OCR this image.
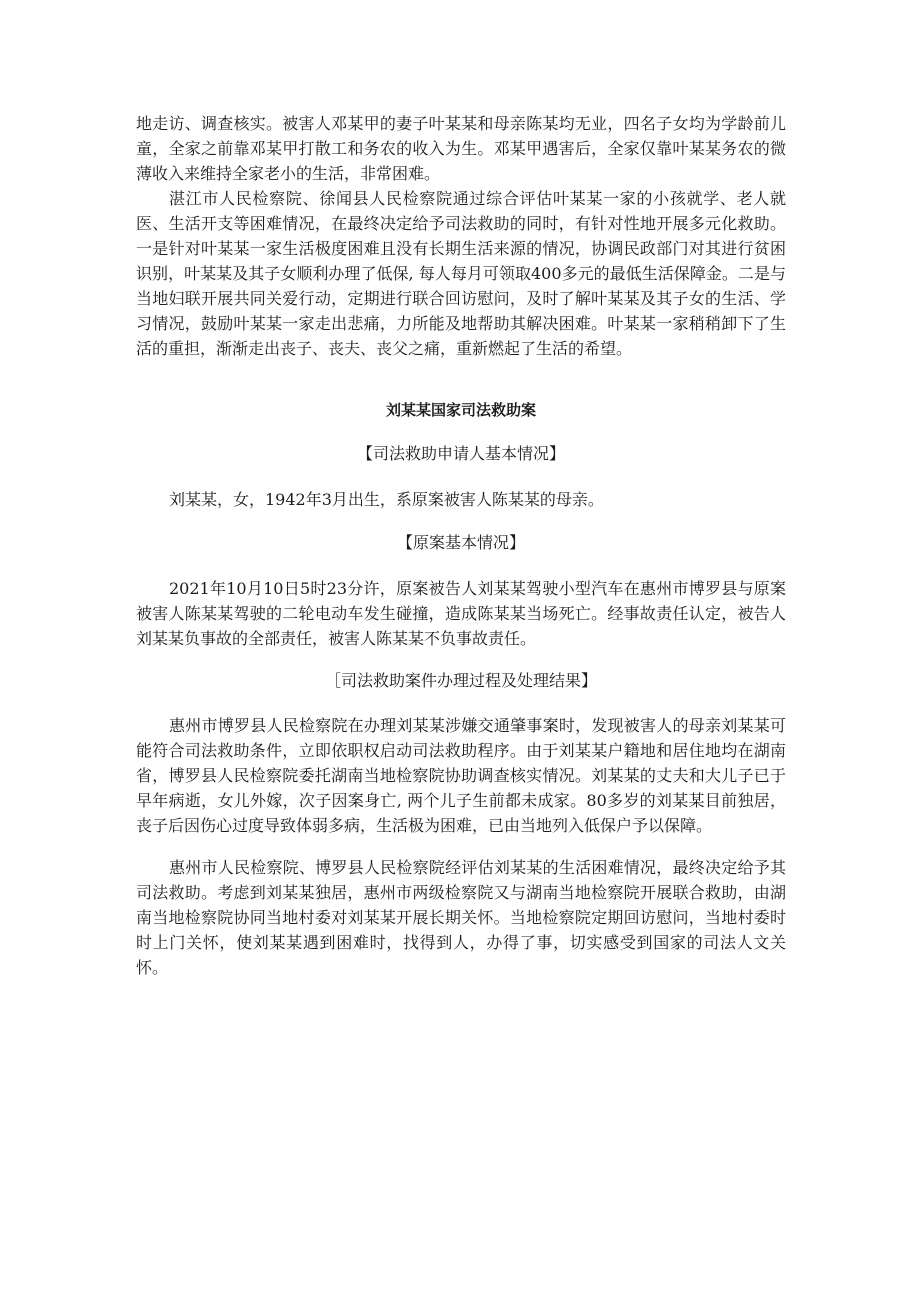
地走访、调查核实。被害人邓某甲的妻子叶某某和母亲陈某均无业，四名子女均为学龄前儿童，全家之前靠邓某甲打散工和务农的收入为生。邓某甲遇害后，全家仅靠叶某某务农的微薄收入来维持全家老小的生活，非常困难。

湛江市人民检察院、徐闻县人民检察院通过综合评估叶某某一家的小孩就学、老人就医、生活开支等困难情况，在最终决定给予司法救助的同时，有针对性地开展多元化救助。一是针对叶某某一家生活极度困难且没有长期生活来源的情况，协调民政部门对其进行贫困识别，叶某某及其子女顺利办理了低保, 每人每月可领取400多元的最低生活保障金。二是与当地妇联开展共同关爱行动，定期进行联合回访慰问，及时了解叶某某及其子女的生活、学习情况，鼓励叶某某一家走出悲痛，力所能及地帮助其解决困难。叶某某一家稍稍卸下了生活的重担，渐渐走出丧子、丧夫、丧父之痛，重新燃起了生活的希望。

刘某某国家司法救助案

【司法救助申请人基本情况】

刘某某，女，1942年3月出生，系原案被害人陈某某的母亲。

【原案基本情况】

2021年10月10日5时23分许，原案被告人刘某某驾驶小型汽车在惠州市博罗县与原案被害人陈某某驾驶的二轮电动车发生碰撞，造成陈某某当场死亡。经事故责任认定，被告人刘某某负事故的全部责任，被害人陈某某不负事故责任。

［司法救助案件办理过程及处理结果】

惠州市博罗县人民检察院在办理刘某某涉嫌交通肇事案时，发现被害人的母亲刘某某可能符合司法救助条件，立即依职权启动司法救助程序。由于刘某某户籍地和居住地均在湖南省，博罗县人民检察院委托湖南当地检察院协助调查核实情况。刘某某的丈夫和大儿子已于早年病逝，女儿外嫁，次子因案身亡, 两个儿子生前都未成家。80多岁的刘某某目前独居，丧子后因伤心过度导致体弱多病，生活极为困难，已由当地列入低保户予以保障。

惠州市人民检察院、博罗县人民检察院经评估刘某某的生活困难情况，最终决定给予其司法救助。考虑到刘某某独居，惠州市两级检察院又与湖南当地检察院开展联合救助，由湖南当地检察院协同当地村委对刘某某开展长期关怀。当地检察院定期回访慰问，当地村委时时上门关怀，使刘某某遇到困难时，找得到人，办得了事，切实感受到国家的司法人文关怀。
